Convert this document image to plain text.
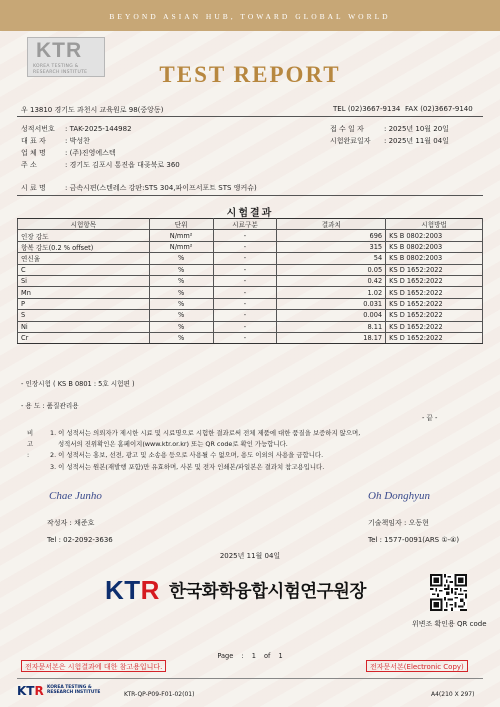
BEYOND ASIAN HUB, TOWARD GLOBAL WORLD
KTR
KOREA TESTING &
RESEARCH INSTITUTE	TEST REPORT
우 13810 경기도 과천시 교육원로 98(중앙동)	TEL (02)3667-9134 FAX (02)3667-9140
성적서번호 : TAK-2025-144982
대 표 자	: 박성찬
업 체 명	: (주)진영에스텍
주 소	: 경기도 김포시 통진읍 대곶북로 360
접 수 일 자	: 2025년 10월 20일
시험완료일자 : 2025년 11월 04일
시 료 명	: 금속시편(스텐레스 강판:STS 304,파이프서포트 STS 앵커슈)
시험결과
시험항목	단위	시료구분	결과치	시험방법
인장 강도	N/mm²	-	696	KS B 0802:2003
항복 강도(0.2 % offset)	N/mm²	-	315	KS B 0802:2003
연신율	%	-	54	KS B 0802:2003
C	%	-	0.05	KS D 1652:2022
Si	%	-	0.42	KS D 1652:2022
Mn	%	-	1.02	KS D 1652:2022
P	%	-	0.031	KS D 1652:2022
S	%	-	0.004	KS D 1652:2022
Ni	%	-	8.11	KS D 1652:2022
Cr	%	-	18.17	KS D 1652:2022
- 인장시험 ( KS B 0801 : 5호 시험편 )
- 용 도 : 품질관리용
- 끝 -
비 고 :
1. 이 성적서는 의뢰자가 제시한 시료 및 시료명으로 시험한 결과로써 전체 제품에 대한 품질을 보증하지 않으며,
성적서의 진위확인은 홈페이지(www.ktr.or.kr) 또는 QR code로 확인 가능합니다.
2. 이 성적서는 홍보, 선전, 광고 및 소송용 등으로 사용될 수 없으며, 용도 이외의 사용을 금합니다.
3. 이 성적서는 원본(재발행 포함)만 유효하며, 사본 및 전자 인쇄본/파일본은 결과치 참고용입니다.
Chae Junho
작성자 : 채준호
Tel : 02-2092-3636
Oh Donghyun
기술책임자 : 오동현
Tel : 1577-0091(ARS ①-④)
2025년 11월 04일
KTR 한국화학융합시험연구원장
위변조 확인용 QR code
Page : 1 of 1
전자문서본은 시험결과에 대한 참고용입니다.	전자문서본(Electronic Copy)
KTR KOREA TESTING &
RESEARCH INSTITUTE	KTR-QP-P09-F01-02(01)	A4(210 X 297)
